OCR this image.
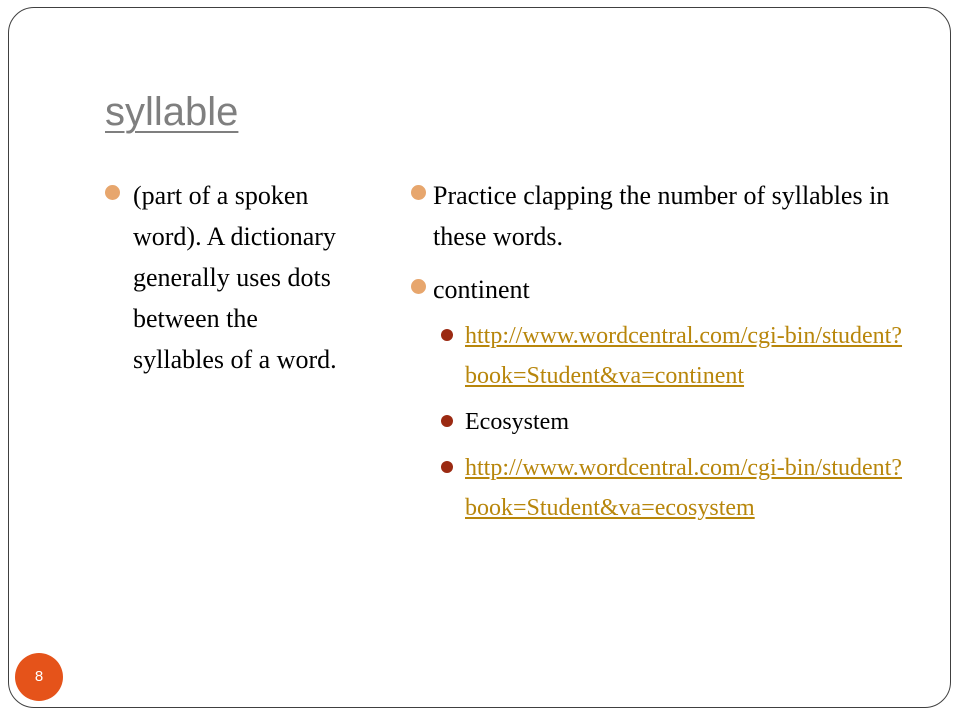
syllable
(part of a spoken word). A dictionary generally uses dots between the syllables of a word.
Practice clapping the number of syllables in these words.
continent
http://www.wordcentral.com/cgi-bin/student?book=Student&va=continent
Ecosystem
http://www.wordcentral.com/cgi-bin/student?book=Student&va=ecosystem
8
